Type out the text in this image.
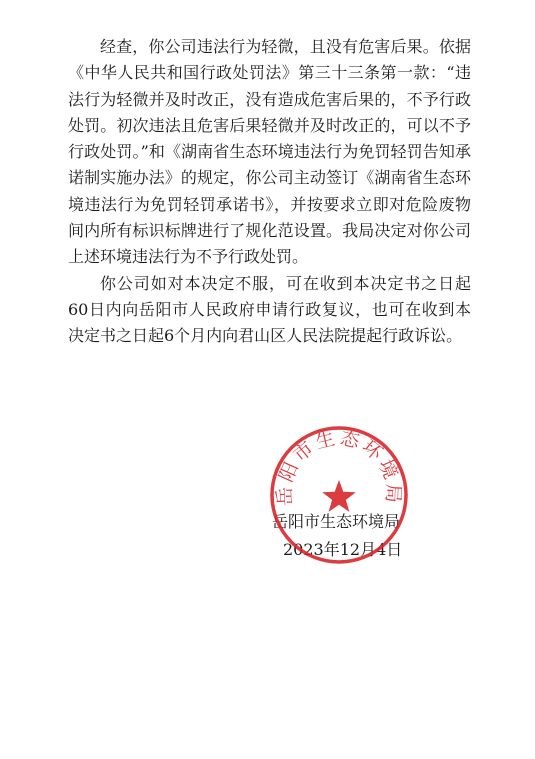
经查，你公司违法行为轻微，且没有危害后果。依据《中华人民共和国行政处罚法》第三十三条第一款：“违法行为轻微并及时改正，没有造成危害后果的，不予行政处罚。初次违法且危害后果轻微并及时改正的，可以不予行政处罚。”和《湖南省生态环境违法行为免罚轻罚告知承诺制实施办法》的规定，你公司主动签订《湖南省生态环境违法行为免罚轻罚承诺书》，并按要求立即对危险废物间内所有标识标牌进行了规化范设置。我局决定对你公司上述环境违法行为不予行政处罚。

你公司如对本决定不服，可在收到本决定书之日起60日内向岳阳市人民政府申请行政复议，也可在收到本决定书之日起6个月内向君山区人民法院提起行政诉讼。

岳阳市生态环境局
2023年12月4日
岳阳市生态环境局
